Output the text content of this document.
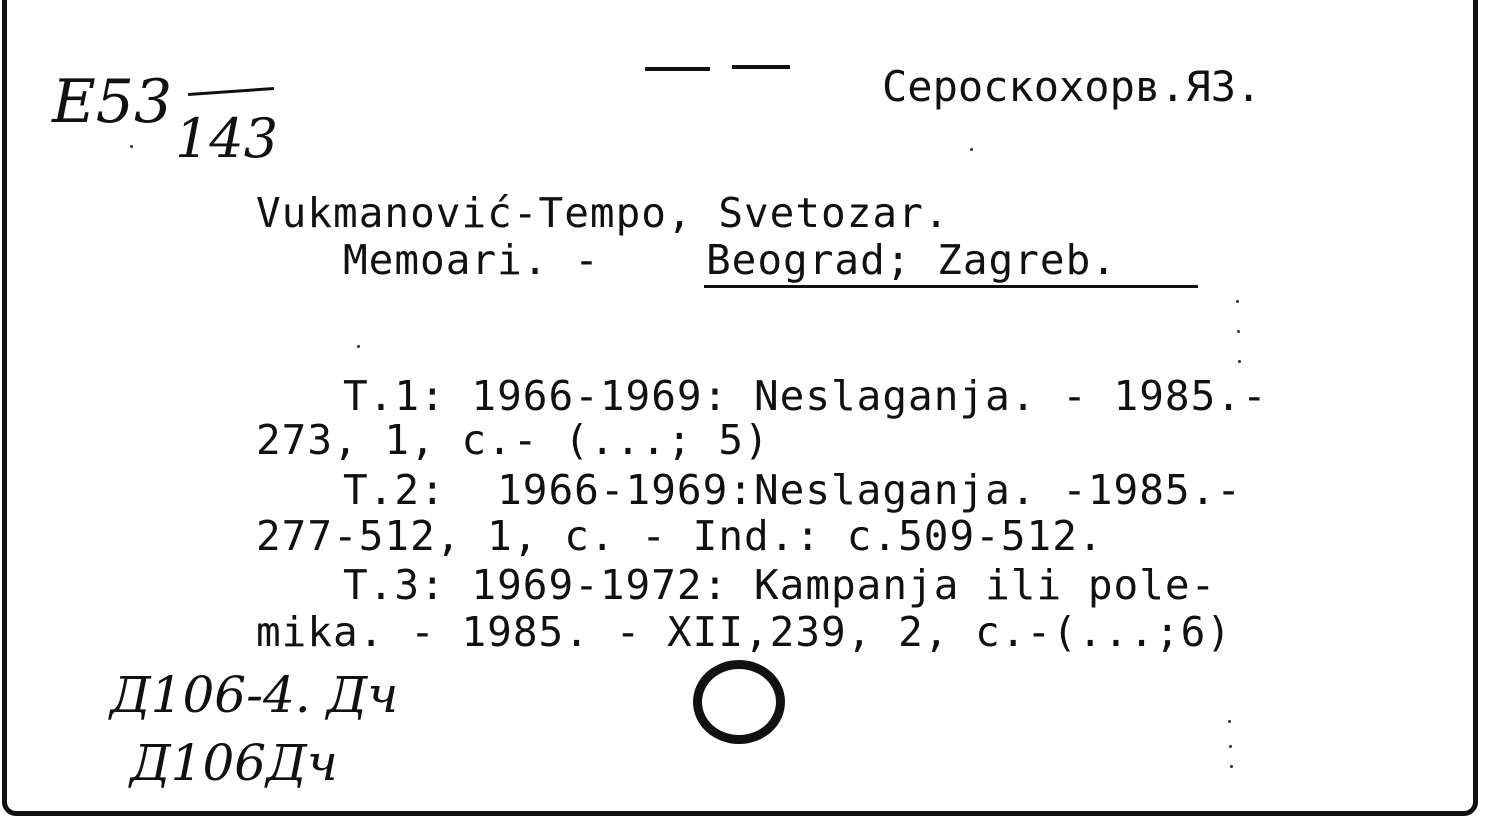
E53
143
Сероскохорв.Я3.
Vukmanović-Tempo, Svetozar.
Memoari. -	Beograd; Zagreb.
T.1: 1966-1969: Neslaganja. - 1985.-
273, 1, c.- (...; 5)
T.2:  1966-1969:Neslaganja. -1985.-
277-512, 1, c. - Ind.: c.509-512.
T.3: 1969-1972: Kampanja ili pole-
mika. - 1985. - XII,239, 2, c.-(...;6)
Д106-4. Дч
Д106Дч
